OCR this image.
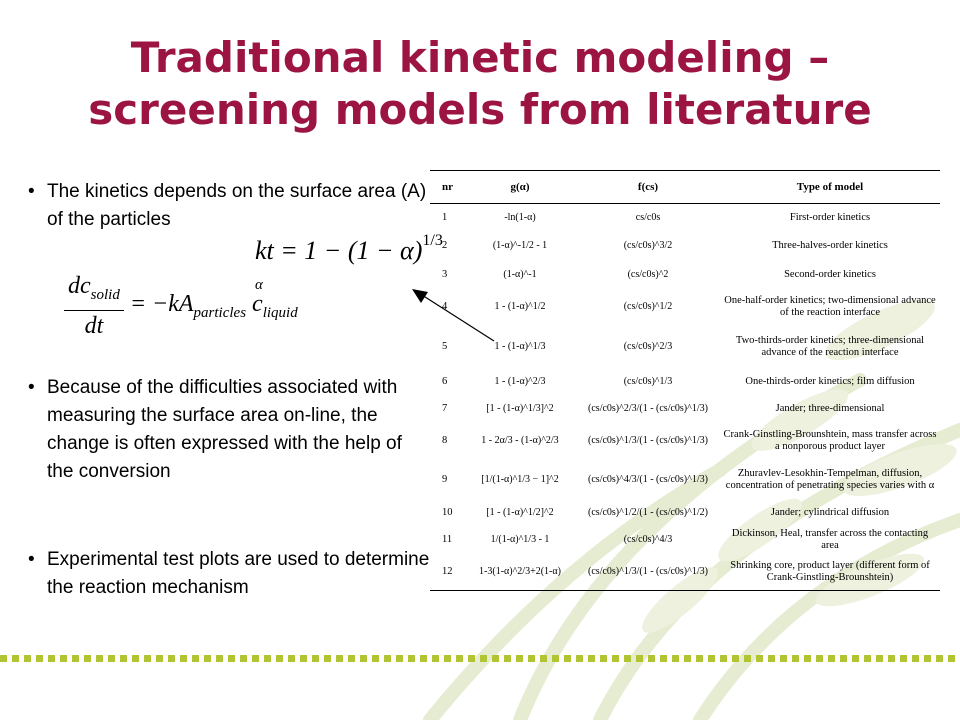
Traditional kinetic modeling –
screening models from literature
• The kinetics depends on the surface area (A) of the particles
• Because of the difficulties associated with measuring the surface area on-line, the change is often expressed with the help of the conversion
• Experimental test plots are used to determine the reaction mechanism
kt = $1 - (1 - \alpha)^{1/3}$
$\frac{dc_{solid}}{dt} = -kA_{particles}$ c
α
$_{liquid}$
nr	g(α)	f(cs)	Type of model
1	-ln(1-α)	cs/c0s	First-order kinetics
2	(1-α)^-1/2 - 1	(cs/c0s)^3/2	Three-halves-order kinetics
3	(1-α)^-1	(cs/c0s)^2	Second-order kinetics
4	1 - (1-α)^1/2	(cs/c0s)^1/2	One-half-order kinetics; two-dimensional advance of the reaction interface
5	1 - (1-α)^1/3	(cs/c0s)^2/3	Two-thirds-order kinetics; three-dimensional advance of the reaction interface
6	1 - (1-α)^2/3	(cs/c0s)^1/3	One-thirds-order kinetics; film diffusion
7	[1 - (1-α)^1/3]^2	(cs/c0s)^2/3/(1 - (cs/c0s)^1/3)	Jander; three-dimensional
8	1 - 2α/3 - (1-α)^2/3	(cs/c0s)^1/3/(1 - (cs/c0s)^1/3)	Crank-Ginstling-Brounshtein, mass transfer across a nonporous product layer
9	[1/(1-α)^1/3 − 1]^2	(cs/c0s)^4/3/(1 - (cs/c0s)^1/3)	Zhuravlev-Lesokhin-Tempelman, diffusion, concentration of penetrating species varies with α
10	[1 - (1-α)^1/2]^2	(cs/c0s)^1/2/(1 - (cs/c0s)^1/2)	Jander; cylindrical diffusion
11	1/(1-α)^1/3 - 1	(cs/c0s)^4/3	Dickinson, Heal, transfer across the contacting area
12	1-3(1-α)^2/3+2(1-α)	(cs/c0s)^1/3/(1 - (cs/c0s)^1/3)	Shrinking core, product layer (different form of Crank-Ginstling-Brounshtein)
